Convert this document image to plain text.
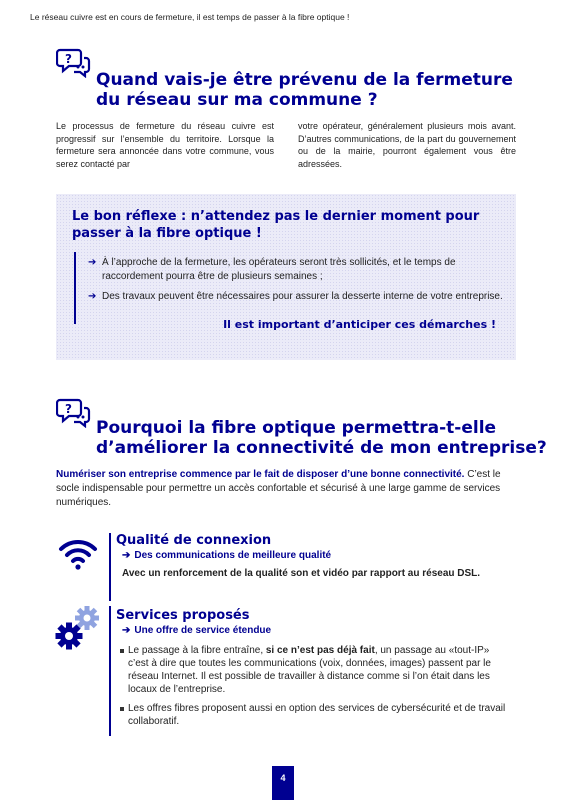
Le réseau cuivre est en cours de fermeture, il est temps de passer à la fibre optique !
?
Quand vais-je être prévenu de la fermeture
du réseau sur ma commune ?

Le processus de fermeture du réseau cuivre est progressif sur l’ensemble du territoire. Lorsque la fermeture sera annoncée dans votre commune, vous serez contacté par

votre opérateur, généralement plusieurs mois avant. D’autres communications, de la part du gouvernement ou de la mairie, pourront également vous être adressées.

Le bon réflexe : n’attendez pas le dernier moment pour
passer à la fibre optique !
➔ À l’approche de la fermeture, les opérateurs seront très sollicités, et le temps de raccordement pourra être de plusieurs semaines ;
➔ Des travaux peuvent être nécessaires pour assurer la desserte interne de votre entreprise.
Il est important d’anticiper ces démarches !
?
Pourquoi la fibre optique permettra-t-elle
d’améliorer la connectivité de mon entreprise?
Numériser son entreprise commence par le fait de disposer d’une bonne connectivité. C’est le socle indispensable pour permettre un accès confortable et sécurisé à une large gamme de services numériques.
Qualité de connexion
➔ Des communications de meilleure qualité
Avec un renforcement de la qualité son et vidéo par rapport au réseau DSL.
Services proposés
➔ Une offre de service étendue
Le passage à la fibre entraîne, si ce n’est pas déjà fait, un passage au «tout-IP» c’est à dire que toutes les communications (voix, données, images) passent par le réseau Internet. Il est possible de travailler à distance comme si l’on était dans les locaux de l’entreprise.
Les offres fibres proposent aussi en option des services de cybersécurité et de travail collaboratif.
4
